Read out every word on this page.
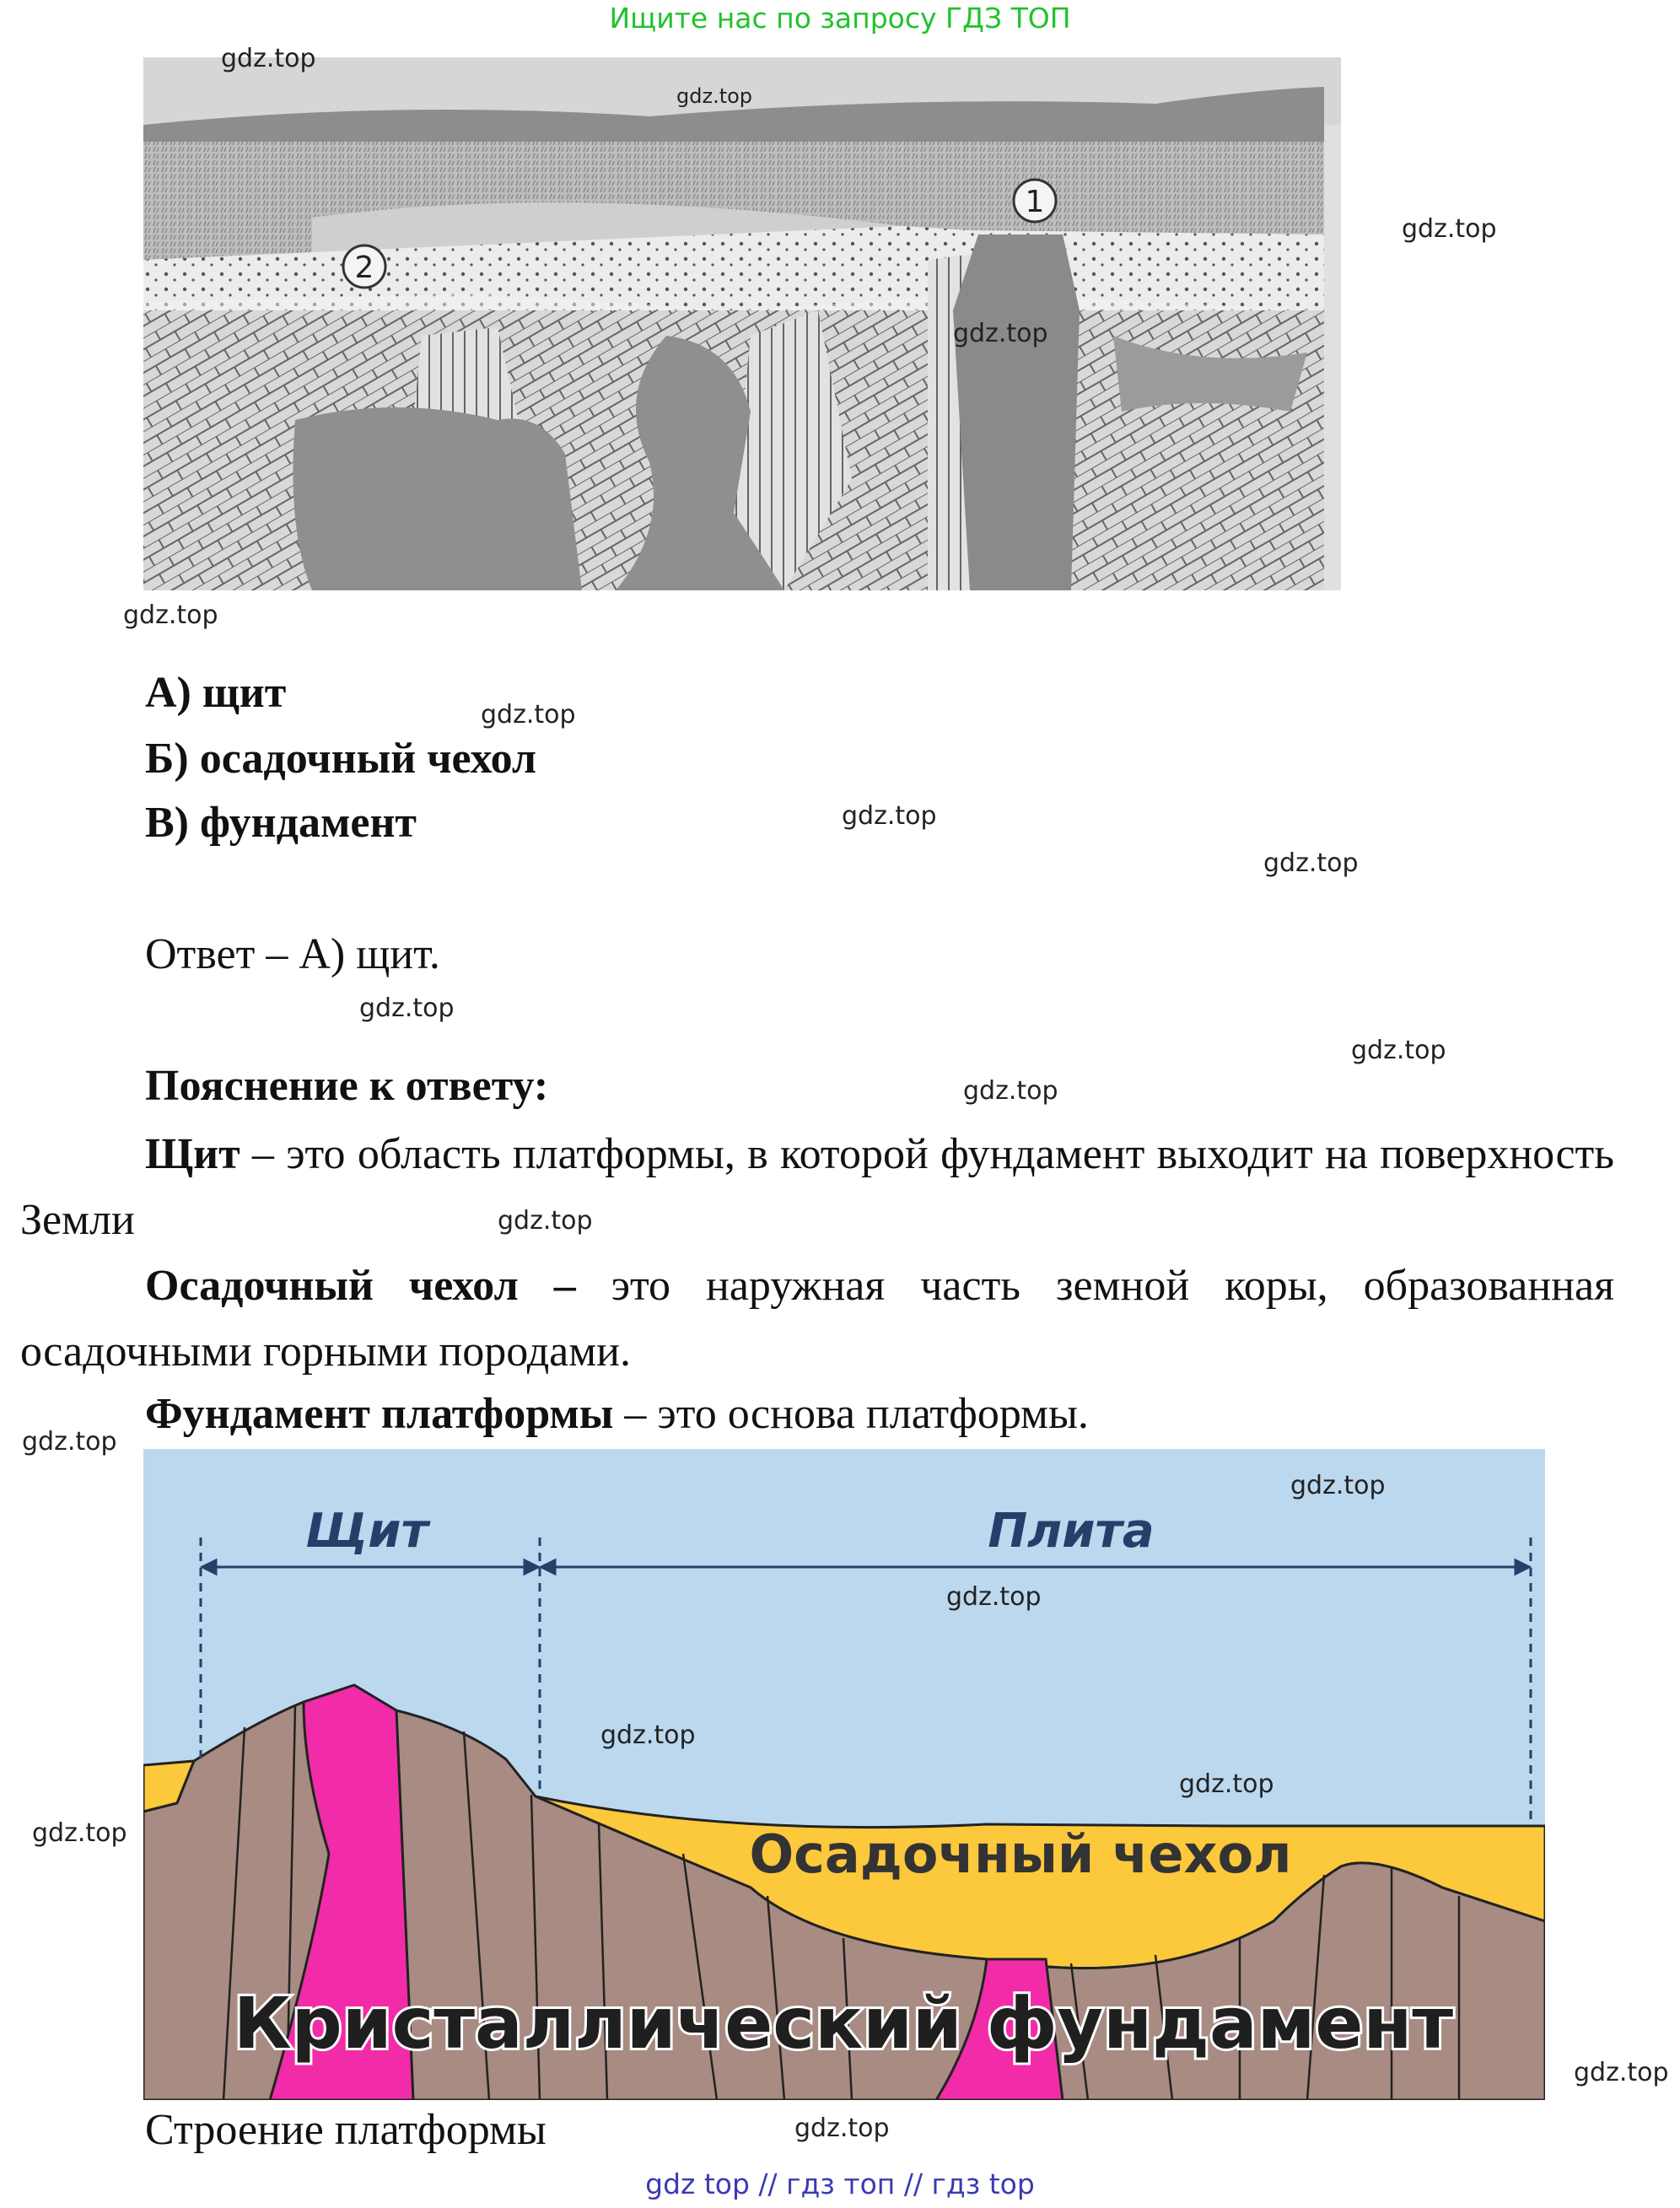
Ищите нас по запросу ГДЗ ТОП
1
2
А) щит
Б) осадочный чехол
В) фундамент
Ответ – А) щит.
Пояснение к ответу:
Щит – это область платформы, в которой фундамент выходит на поверхность Земли
Осадочный чехол – это наружная часть земной коры, образованная осадочными горными породами.
Фундамент платформы – это основа платформы.
Щит	Плита
Осадочный чехол
Кристаллический фундамент
Строение платформы
gdz.top
gdz.top
gdz.top
gdz.top
gdz.top
gdz.top
gdz.top
gdz.top
gdz.top
gdz.top
gdz.top
gdz.top
gdz.top
gdz.top
gdz.top
gdz.top
gdz.top
gdz.top
gdz.top
gdz.top
gdz top // гдз топ // гдз top
